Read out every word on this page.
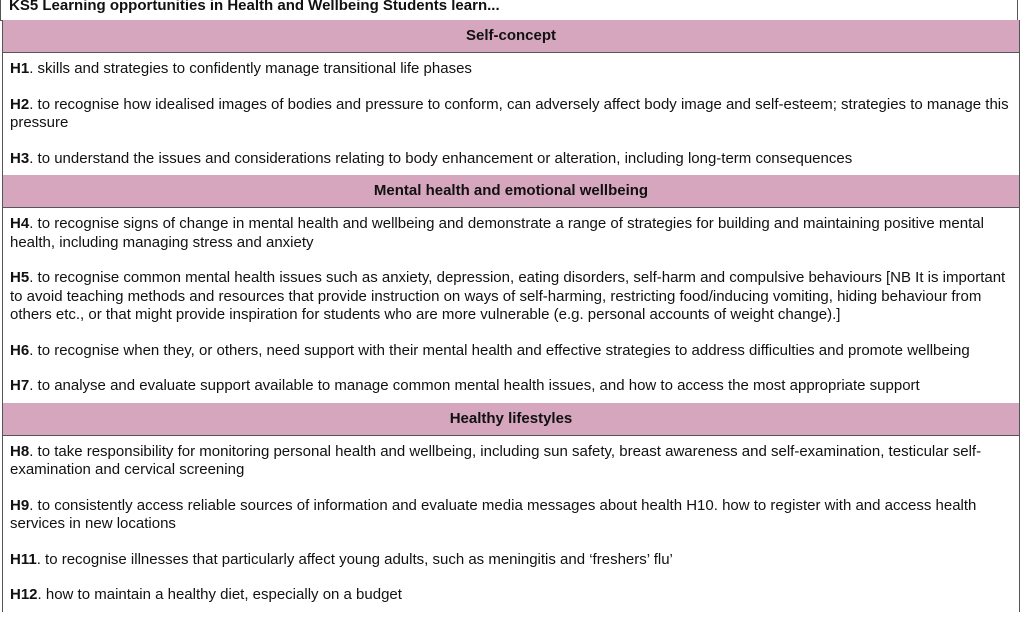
KS5 Learning opportunities in Health and Wellbeing Students learn...
Self-concept
H1. skills and strategies to confidently manage transitional life phases
H2. to recognise how idealised images of bodies and pressure to conform, can adversely affect body image and self-esteem; strategies to manage this pressure
H3. to understand the issues and considerations relating to body enhancement or alteration, including long-term consequences
Mental health and emotional wellbeing
H4. to recognise signs of change in mental health and wellbeing and demonstrate a range of strategies for building and maintaining positive mental health, including managing stress and anxiety
H5. to recognise common mental health issues such as anxiety, depression, eating disorders, self-harm and compulsive behaviours [NB It is important to avoid teaching methods and resources that provide instruction on ways of self-harming, restricting food/inducing vomiting, hiding behaviour from others etc., or that might provide inspiration for students who are more vulnerable (e.g. personal accounts of weight change).]
H6. to recognise when they, or others, need support with their mental health and effective strategies to address difficulties and promote wellbeing
H7. to analyse and evaluate support available to manage common mental health issues, and how to access the most appropriate support
Healthy lifestyles
H8. to take responsibility for monitoring personal health and wellbeing, including sun safety, breast awareness and self-examination, testicular self-examination and cervical screening
H9. to consistently access reliable sources of information and evaluate media messages about health H10. how to register with and access health services in new locations
H11. to recognise illnesses that particularly affect young adults, such as meningitis and ‘freshers’ flu’
H12. how to maintain a healthy diet, especially on a budget
